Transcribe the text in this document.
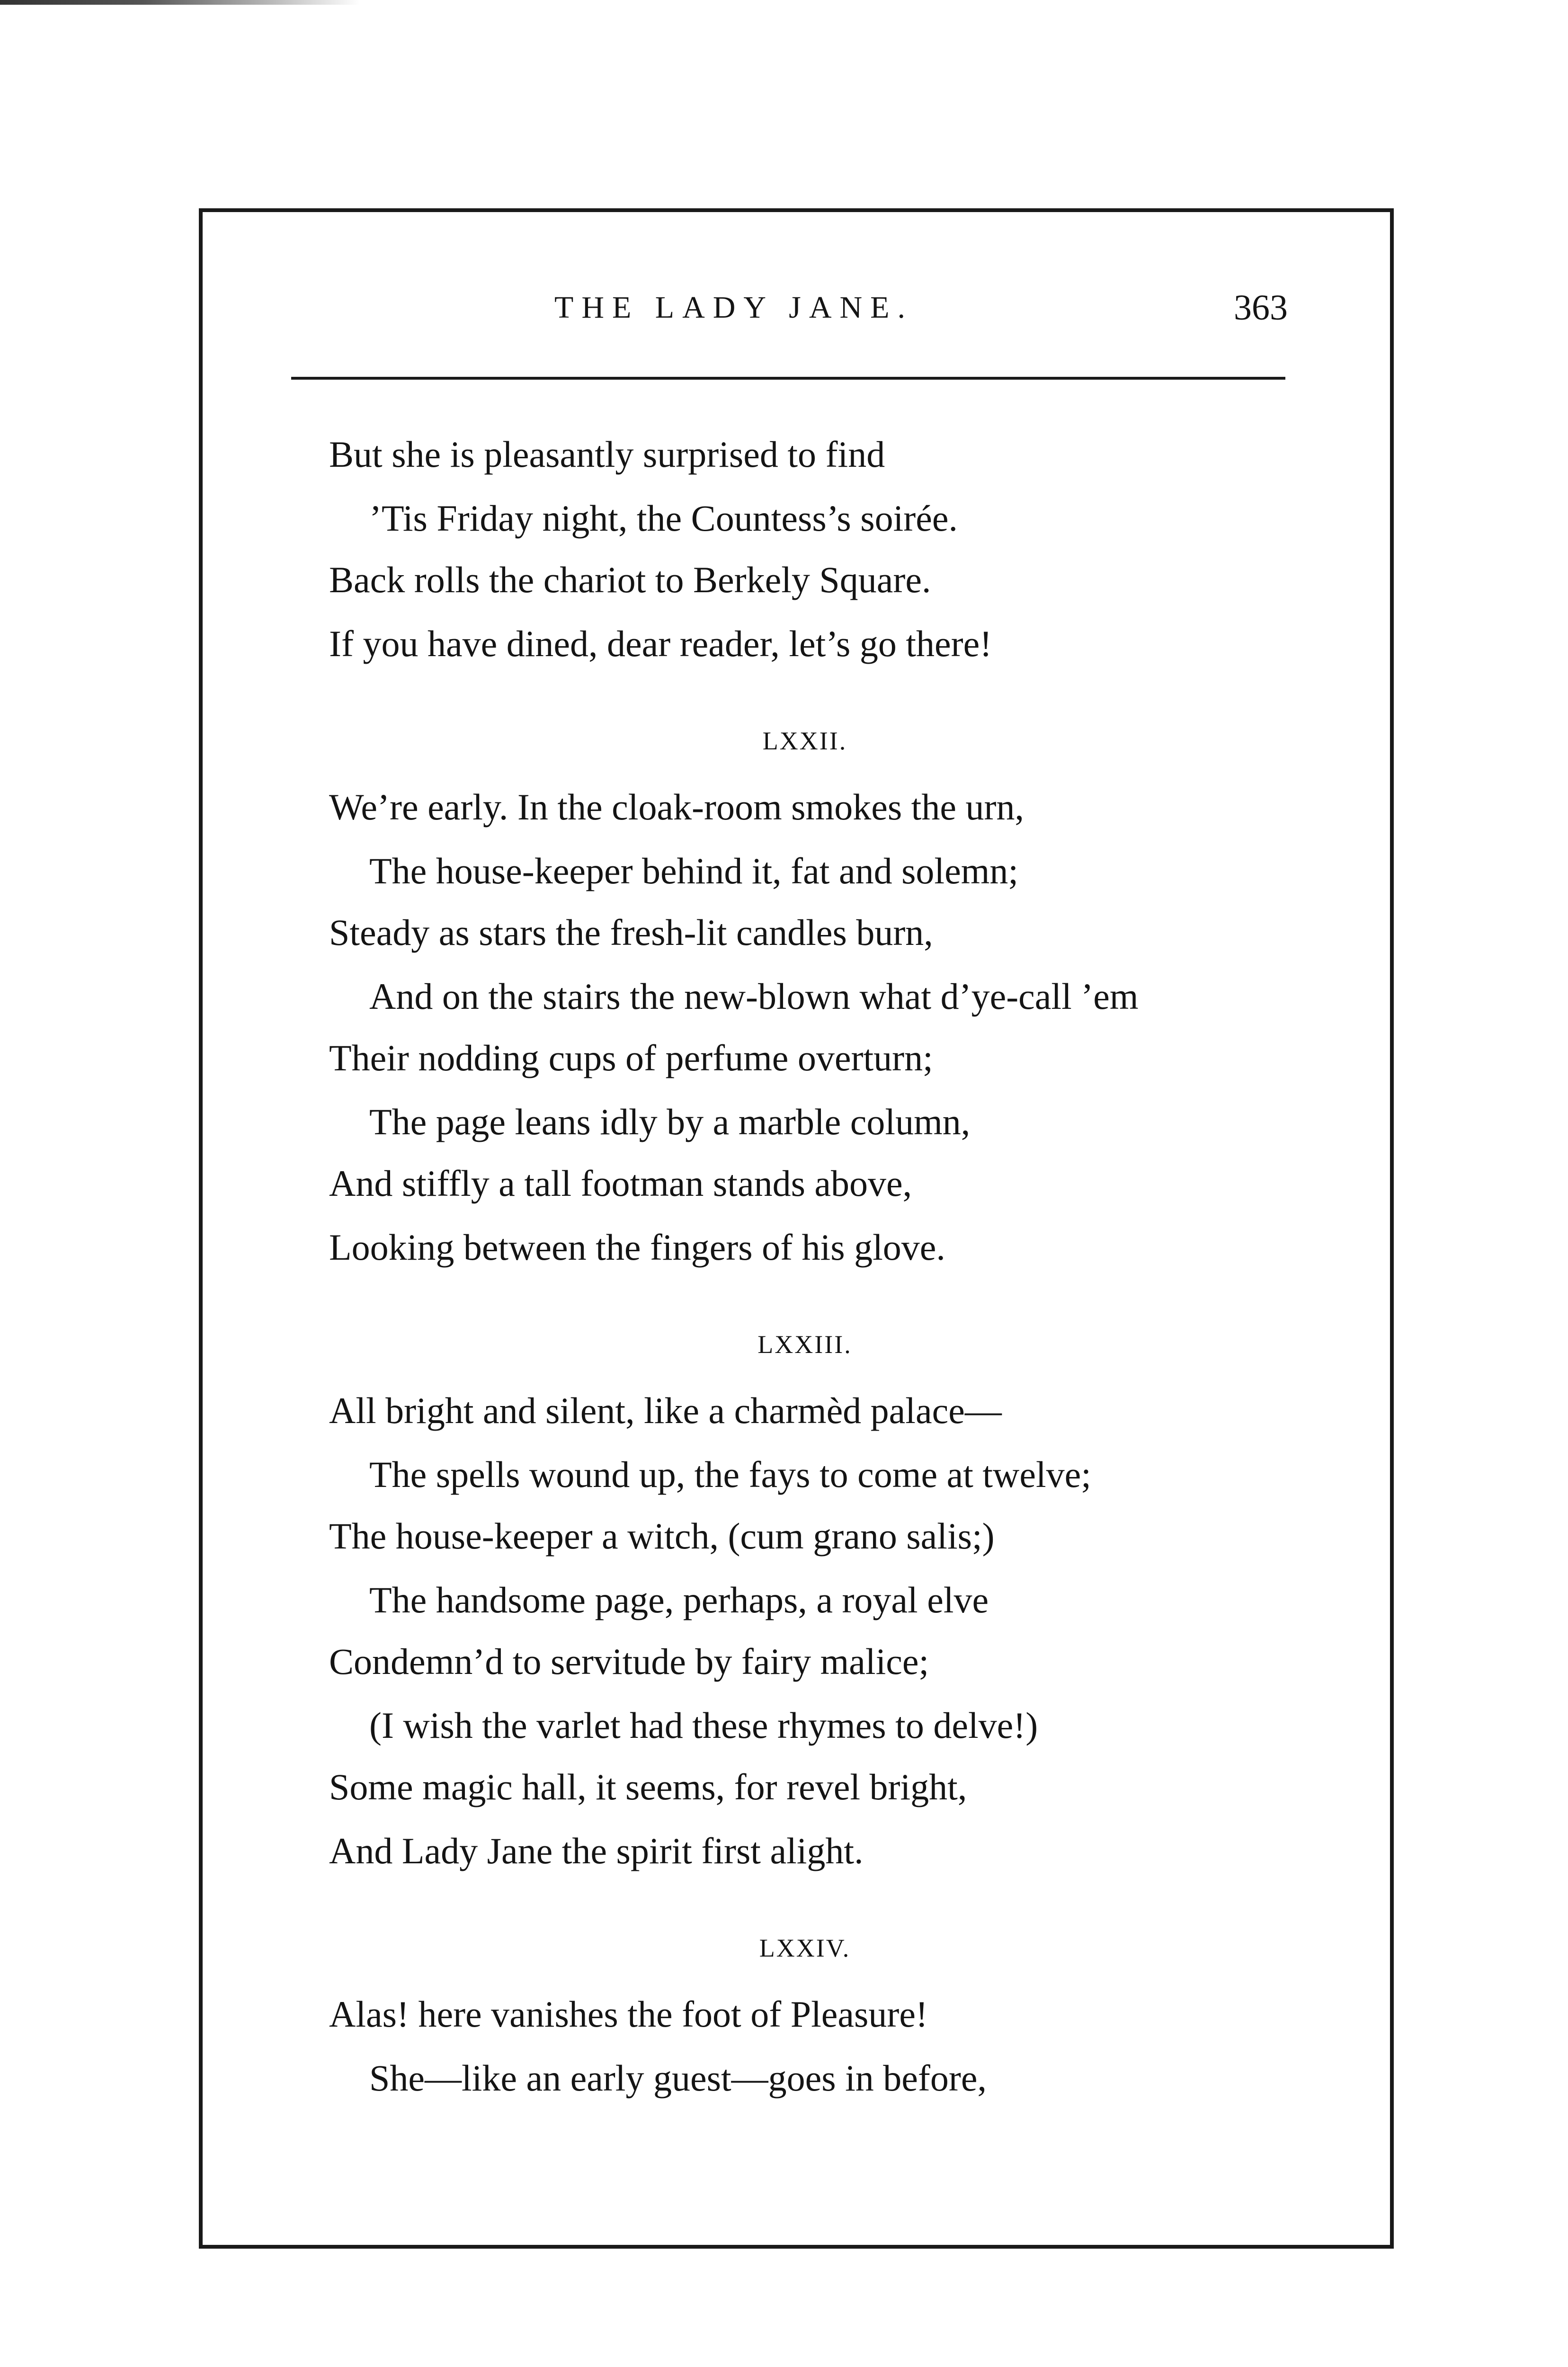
THE LADY JANE.	363
But she is pleasantly surprised to find
’Tis Friday night, the Countess’s soirée.
Back rolls the chariot to Berkely Square.
If you have dined, dear reader, let’s go there!
LXXII.
We’re early. In the cloak-room smokes the urn,
The house-keeper behind it, fat and solemn;
Steady as stars the fresh-lit candles burn,
And on the stairs the new-blown what d’ye-call ’em
Their nodding cups of perfume overturn;
The page leans idly by a marble column,
And stiffly a tall footman stands above,
Looking between the fingers of his glove.
LXXIII.
All bright and silent, like a charmèd palace—
The spells wound up, the fays to come at twelve;
The house-keeper a witch, (cum grano salis;)
The handsome page, perhaps, a royal elve
Condemn’d to servitude by fairy malice;
(I wish the varlet had these rhymes to delve!)
Some magic hall, it seems, for revel bright,
And Lady Jane the spirit first alight.
LXXIV.
Alas! here vanishes the foot of Pleasure!
She—like an early guest—goes in before,
